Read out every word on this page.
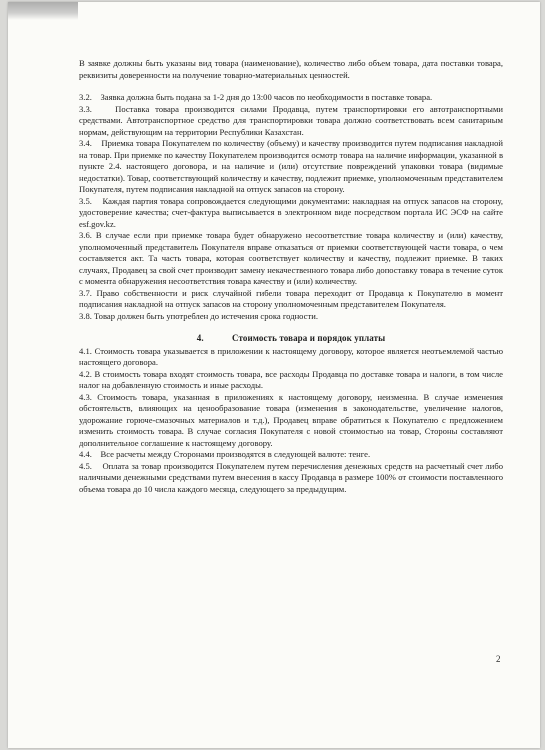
В заявке должны быть указаны вид товара (наименование), количество либо объем товара, дата поставки товара, реквизиты доверенности на получение товарно-материальных ценностей.

3.2.    Заявка должна быть подана за 1-2 дня до 13:00 часов по необходимости в поставке товара.

3.3.    Поставка товара производится силами Продавца, путем транспортировки его автотранспортными средствами. Автотранспортное средство для транспортировки товара должно соответствовать всем санитарным нормам, действующим на территории Республики Казахстан.

3.4.    Приемка товара Покупателем по количеству (объему) и качеству производится путем подписания накладной на товар. При приемке по качеству Покупателем производится осмотр товара на наличие информации, указанной в пункте 2.4. настоящего договора, и на наличие и (или) отсутствие повреждений упаковки товара (видимые недостатки). Товар, соответствующий количеству и качеству, подлежит приемке, уполномоченным представителем Покупателя, путем подписания накладной на отпуск запасов на сторону.

3.5.    Каждая партия товара сопровождается следующими документами: накладная на отпуск запасов на сторону, удостоверение качества; счет-фактура выписывается в электронном виде посредством портала ИС ЭСФ на сайте esf.gov.kz.

3.6. В случае если при приемке товара будет обнаружено несоответствие товара количеству и (или) качеству, уполномоченный представитель Покупателя вправе отказаться от приемки соответствующей части товара, о чем составляется акт. Та часть товара, которая соответствует количеству и качеству, подлежит приемке. В таких случаях, Продавец за свой счет производит замену некачественного товара либо допоставку товара в течение суток с момента обнаружения несоответствия товара качеству и (или) количеству.

3.7. Право собственности и риск случайной гибели товара переходит от Продавца к Покупателю в момент подписания накладной на отпуск запасов на сторону уполномоченным представителем Покупателя.

3.8. Товар должен быть употреблен до истечения срока годности.

4.	Стоимость товара и порядок уплаты

4.1. Стоимость товара указывается в приложении к настоящему договору, которое является неотъемлемой частью настоящего договора.

4.2. В стоимость товара входят стоимость товара, все расходы Продавца по доставке товара и налоги, в том числе налог на добавленную стоимость и иные расходы.

4.3. Стоимость товара, указанная в приложениях к настоящему договору, неизменна. В случае изменения обстоятельств, влияющих на ценообразование товара (изменения в законодательстве, увеличение налогов, удорожание горюче-смазочных материалов и т.д.), Продавец вправе обратиться к Покупателю с предложением изменить стоимость товара. В случае согласия Покупателя с новой стоимостью на товар, Стороны составляют дополнительное соглашение к настоящему договору.

4.4.    Все расчеты между Сторонами производятся в следующей валюте: тенге.

4.5.    Оплата за товар производится Покупателем путем перечисления денежных средств на расчетный счет либо наличными денежными средствами путем внесения в кассу Продавца в размере 100% от стоимости поставленного объема товара до 10 числа каждого месяца, следующего за предыдущим.

2
